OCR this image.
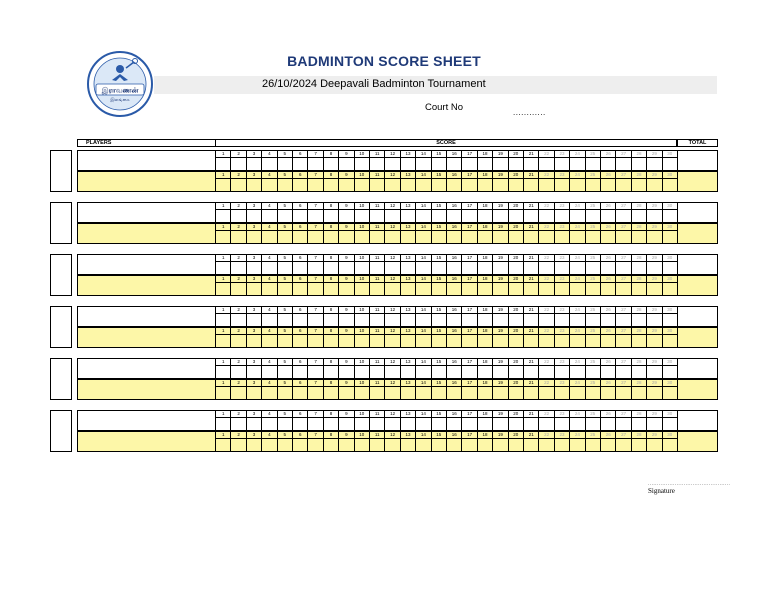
இராவணன்
இலங்கை
BADMINTON SCORE SHEET
26/10/2024 Deepavali Badminton Tournament
Court No	............
PLAYERS	SCORE	TOTAL
1	2	3	4	5	6	7	8	9	10	11	12	13	14	15	16	17	18	19	20	21	22	23	24	25	26	27	28	29	30
1	2	3	4	5	6	7	8	9	10	11	12	13	14	15	16	17	18	19	20	21	22	23	24	25	26	27	28	29	30
1	2	3	4	5	6	7	8	9	10	11	12	13	14	15	16	17	18	19	20	21	22	23	24	25	26	27	28	29	30
1	2	3	4	5	6	7	8	9	10	11	12	13	14	15	16	17	18	19	20	21	22	23	24	25	26	27	28	29	30
1	2	3	4	5	6	7	8	9	10	11	12	13	14	15	16	17	18	19	20	21	22	23	24	25	26	27	28	29	30
1	2	3	4	5	6	7	8	9	10	11	12	13	14	15	16	17	18	19	20	21	22	23	24	25	26	27	28	29	30
1	2	3	4	5	6	7	8	9	10	11	12	13	14	15	16	17	18	19	20	21	22	23	24	25	26	27	28	29	30
1	2	3	4	5	6	7	8	9	10	11	12	13	14	15	16	17	18	19	20	21	22	23	24	25	26	27	28	29	30
1	2	3	4	5	6	7	8	9	10	11	12	13	14	15	16	17	18	19	20	21	22	23	24	25	26	27	28	29	30
1	2	3	4	5	6	7	8	9	10	11	12	13	14	15	16	17	18	19	20	21	22	23	24	25	26	27	28	29	30
1	2	3	4	5	6	7	8	9	10	11	12	13	14	15	16	17	18	19	20	21	22	23	24	25	26	27	28	29	30
1	2	3	4	5	6	7	8	9	10	11	12	13	14	15	16	17	18	19	20	21	22	23	24	25	26	27	28	29	30
..............................................
Signature
